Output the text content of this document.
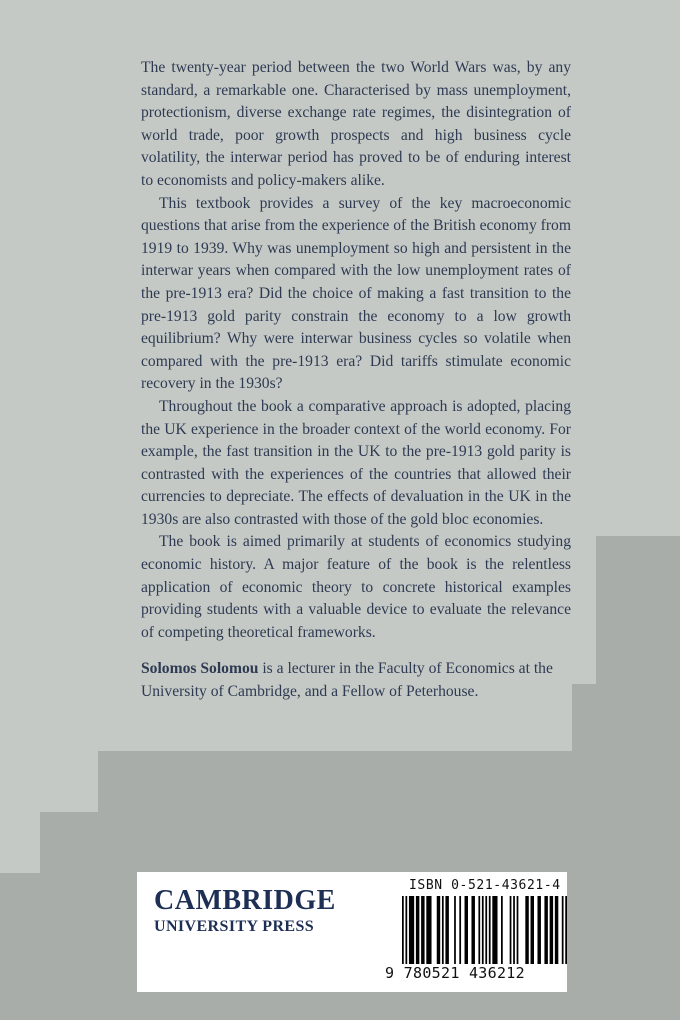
The twenty-year period between the two World Wars was, by any standard, a remarkable one. Characterised by mass unemployment, protectionism, diverse exchange rate regimes, the disintegration of world trade, poor growth prospects and high business cycle volatility, the interwar period has proved to be of enduring interest to economists and policy-makers alike.

This textbook provides a survey of the key macroeconomic questions that arise from the experience of the British economy from 1919 to 1939. Why was unemployment so high and persistent in the interwar years when compared with the low unemployment rates of the pre-1913 era? Did the choice of making a fast transition to the pre-1913 gold parity constrain the economy to a low growth equilibrium? Why were interwar business cycles so volatile when compared with the pre-1913 era? Did tariffs stimulate economic recovery in the 1930s?

Throughout the book a comparative approach is adopted, placing the UK experience in the broader context of the world economy. For example, the fast transition in the UK to the pre-1913 gold parity is contrasted with the experiences of the countries that allowed their currencies to depreciate. The effects of devaluation in the UK in the 1930s are also contrasted with those of the gold bloc economies.

The book is aimed primarily at students of economics studying economic history. A major feature of the book is the relentless application of economic theory to concrete historical examples providing students with a valuable device to evaluate the relevance of competing theoretical frameworks.

Solomos Solomou is a lecturer in the Faculty of Economics at the University of Cambridge, and a Fellow of Peterhouse.

CAMBRIDGE
UNIVERSITY PRESS
ISBN 0-521-43621-4
9 780521 436212
